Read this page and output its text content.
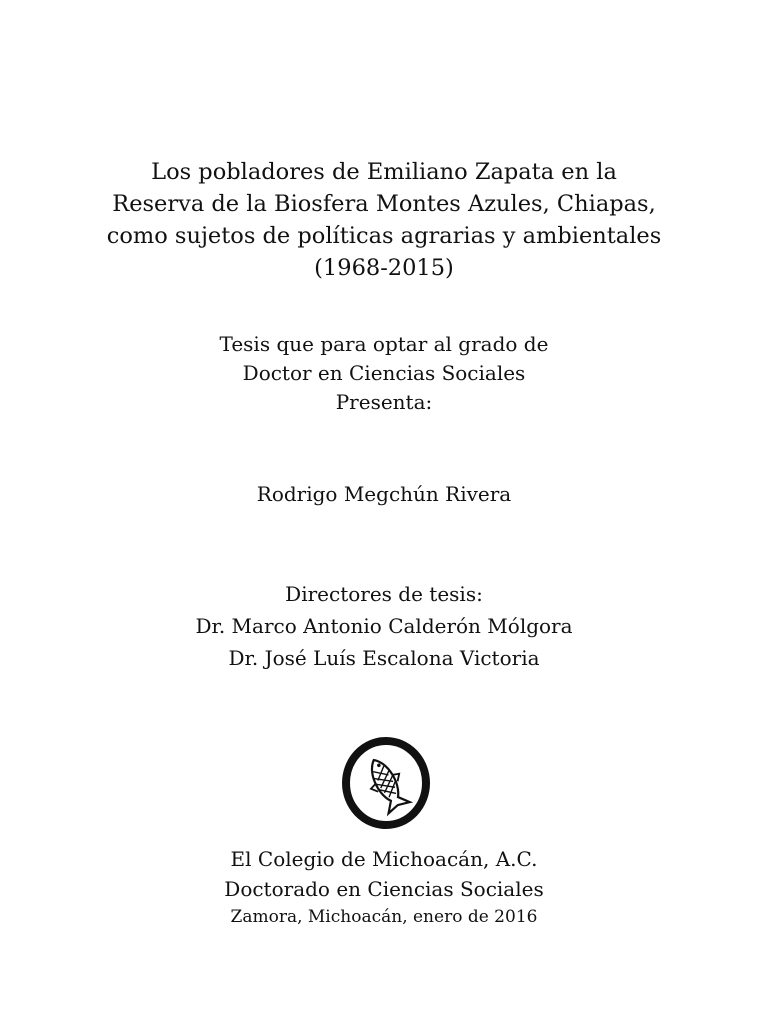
Los pobladores de Emiliano Zapata en la
Reserva de la Biosfera Montes Azules, Chiapas,
como sujetos de políticas agrarias y ambientales
(1968-2015)
Tesis que para optar al grado de
Doctor en Ciencias Sociales
Presenta:
Rodrigo Megchún Rivera
Directores de tesis:
Dr. Marco Antonio Calderón Mólgora
Dr. José Luís Escalona Victoria
El Colegio de Michoacán, A.C.
Doctorado en Ciencias Sociales
Zamora, Michoacán, enero de 2016
